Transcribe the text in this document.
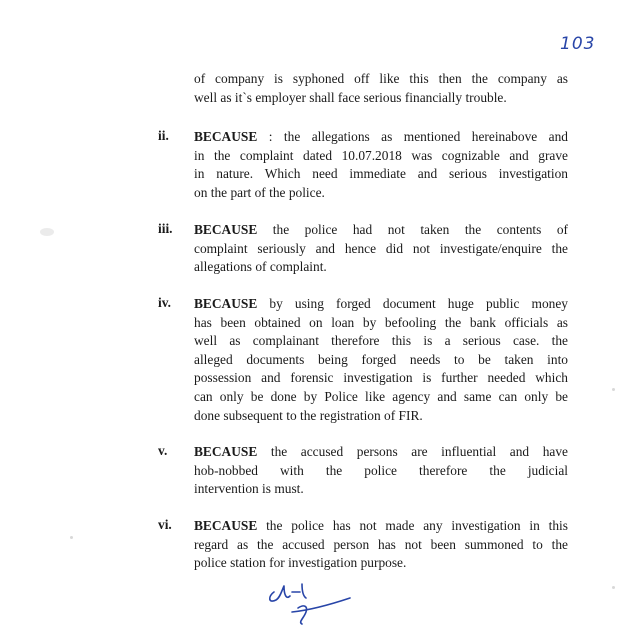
103
of company is syphoned off like this then the company as
well as it`s employer shall face serious financially trouble.
ii. BECAUSE : the allegations as mentioned hereinabove and
in the complaint dated 10.07.2018 was cognizable and grave
in nature. Which need immediate and serious investigation
on the part of the police.
iii. BECAUSE the police had not taken the contents of
complaint seriously and hence did not investigate/enquire the
allegations of complaint.
iv. BECAUSE by using forged document huge public money
has been obtained on loan by befooling the bank officials as
well as complainant therefore this is a serious case. the
alleged documents being forged needs to be taken into
possession and forensic investigation is further needed which
can only be done by Police like agency and same can only be
done subsequent to the registration of FIR.
v. BECAUSE the accused persons are influential and have
hob-nobbed with the police therefore the judicial
intervention is must.
vi. BECAUSE the police has not made any investigation in this
regard as the accused person has not been summoned to the
police station for investigation purpose.
